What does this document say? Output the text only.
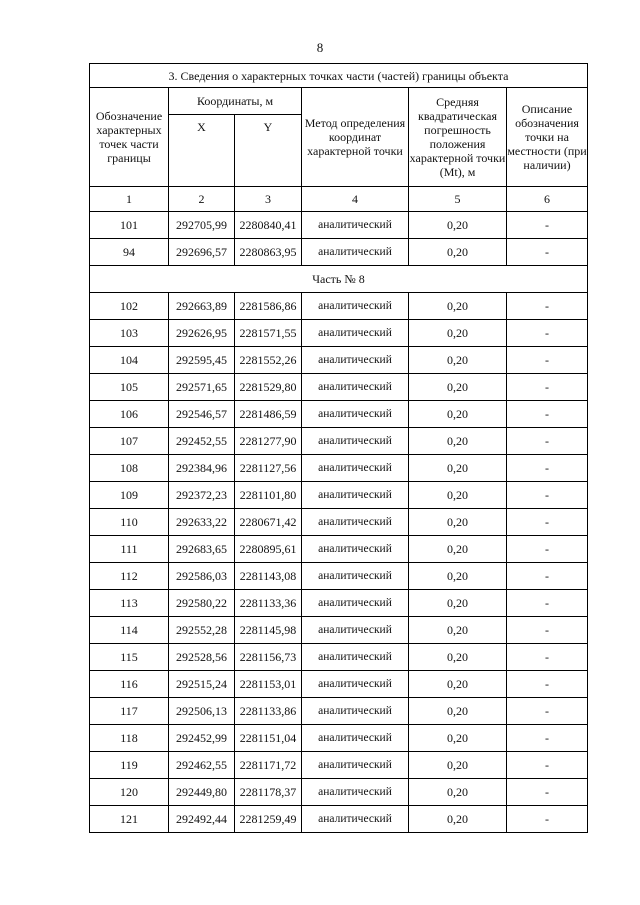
8
3. Сведения о характерных точках части (частей) границы объекта					
Обозначение характерных точек части границы	Координаты, м		Метод определения координат характерной точки	Средняя квадратическая погрешность положения характерной точки (Mt), м	Описание обозначения точки на местности (при наличии)
	X	Y			
1	2	3	4	5	6
101	292705,99	2280840,41	аналитический	0,20	-
94	292696,57	2280863,95	аналитический	0,20	-
Часть № 8					
102	292663,89	2281586,86	аналитический	0,20	-
103	292626,95	2281571,55	аналитический	0,20	-
104	292595,45	2281552,26	аналитический	0,20	-
105	292571,65	2281529,80	аналитический	0,20	-
106	292546,57	2281486,59	аналитический	0,20	-
107	292452,55	2281277,90	аналитический	0,20	-
108	292384,96	2281127,56	аналитический	0,20	-
109	292372,23	2281101,80	аналитический	0,20	-
110	292633,22	2280671,42	аналитический	0,20	-
111	292683,65	2280895,61	аналитический	0,20	-
112	292586,03	2281143,08	аналитический	0,20	-
113	292580,22	2281133,36	аналитический	0,20	-
114	292552,28	2281145,98	аналитический	0,20	-
115	292528,56	2281156,73	аналитический	0,20	-
116	292515,24	2281153,01	аналитический	0,20	-
117	292506,13	2281133,86	аналитический	0,20	-
118	292452,99	2281151,04	аналитический	0,20	-
119	292462,55	2281171,72	аналитический	0,20	-
120	292449,80	2281178,37	аналитический	0,20	-
121	292492,44	2281259,49	аналитический	0,20	-
